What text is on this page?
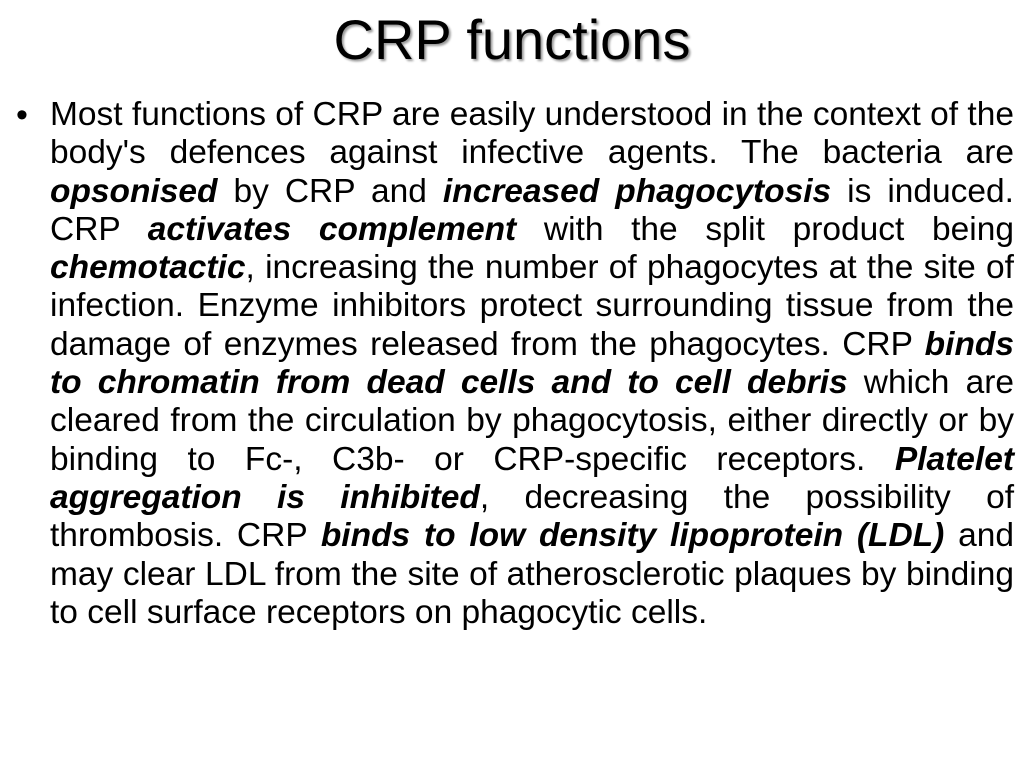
CRP functions
• Most functions of CRP are easily understood in the context of the body's defences against infective agents. The bacteria are opsonised by CRP and increased phagocytosis is induced. CRP activates complement with the split product being chemotactic, increasing the number of phagocytes at the site of infection. Enzyme inhibitors protect surrounding tissue from the damage of enzymes released from the phagocytes. CRP binds to chromatin from dead cells and to cell debris which are cleared from the circulation by phagocytosis, either directly or by binding to Fc-, C3b- or CRP-specific receptors. Platelet aggregation is inhibited, decreasing the possibility of thrombosis. CRP binds to low density lipoprotein (LDL) and may clear LDL from the site of atherosclerotic plaques by binding to cell surface receptors on phagocytic cells.
